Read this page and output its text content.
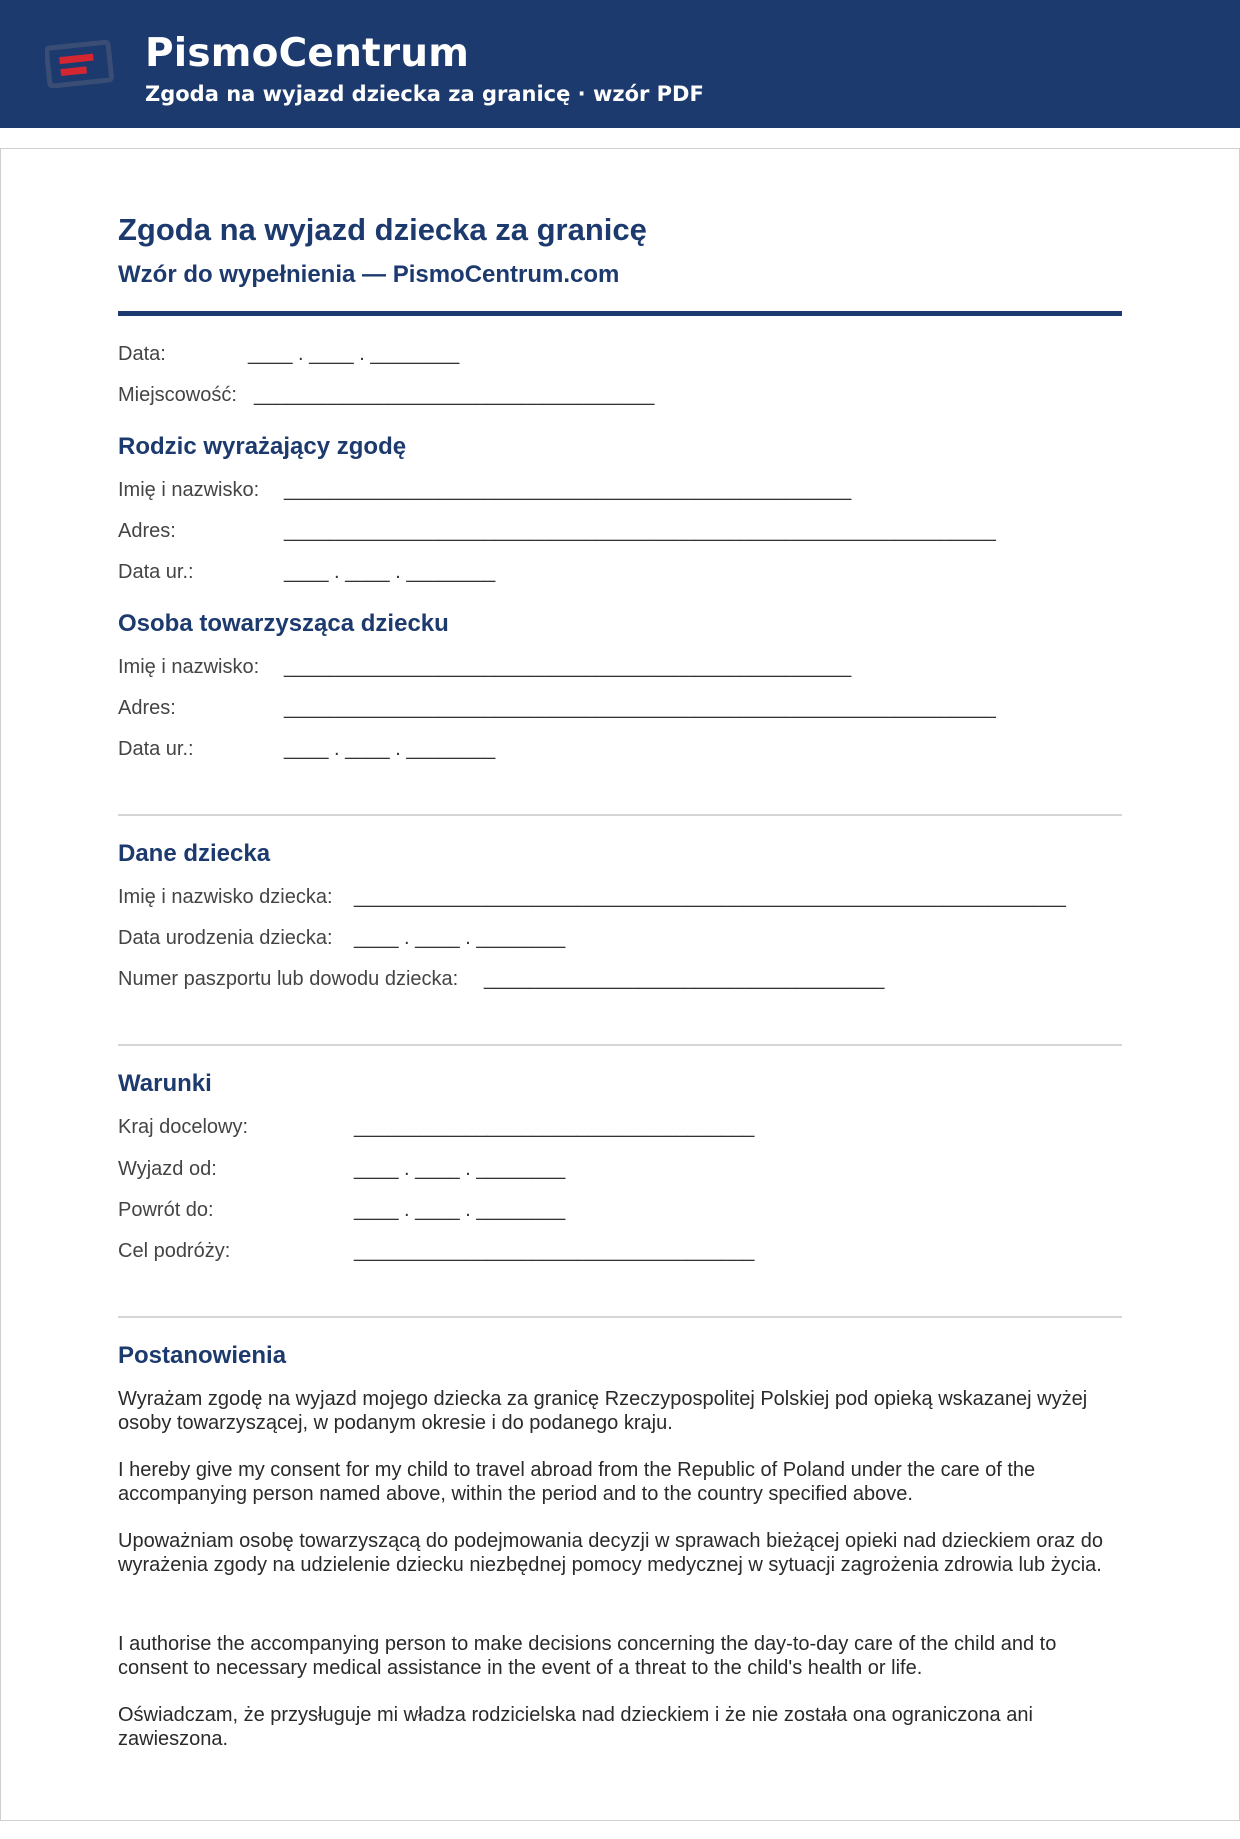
PismoCentrum
Zgoda na wyjazd dziecka za granicę · wzór PDF
Zgoda na wyjazd dziecka za granicę
Wzór do wypełnienia — PismoCentrum.com
Data:	____ . ____ . ________
Miejscowość: ____________________________________
Rodzic wyrażający zgodę
Imię i nazwisko: ___________________________________________________
Adres:	________________________________________________________________
Data ur.:	____ . ____ . ________
Osoba towarzysząca dziecku
Imię i nazwisko: ___________________________________________________
Adres:	________________________________________________________________
Data ur.:	____ . ____ . ________
Dane dziecka
Imię i nazwisko dziecka: ________________________________________________________________
Data urodzenia dziecka: ____ . ____ . ________
Numer paszportu lub dowodu dziecka: ____________________________________
Warunki
Kraj docelowy:	____________________________________
Wyjazd od:	____ . ____ . ________
Powrót do:	____ . ____ . ________
Cel podróży:	____________________________________
Postanowienia

Wyrażam zgodę na wyjazd mojego dziecka za granicę Rzeczypospolitej Polskiej pod opieką wskazanej wyżej osoby towarzyszącej, w podanym okresie i do podanego kraju.

I hereby give my consent for my child to travel abroad from the Republic of Poland under the care of the accompanying person named above, within the period and to the country specified above.

Upoważniam osobę towarzyszącą do podejmowania decyzji w sprawach bieżącej opieki nad dzieckiem oraz do wyrażenia zgody na udzielenie dziecku niezbędnej pomocy medycznej w sytuacji zagrożenia zdrowia lub życia.

I authorise the accompanying person to make decisions concerning the day-to-day care of the child and to consent to necessary medical assistance in the event of a threat to the child's health or life.

Oświadczam, że przysługuje mi władza rodzicielska nad dzieckiem i że nie została ona ograniczona ani zawieszona.
